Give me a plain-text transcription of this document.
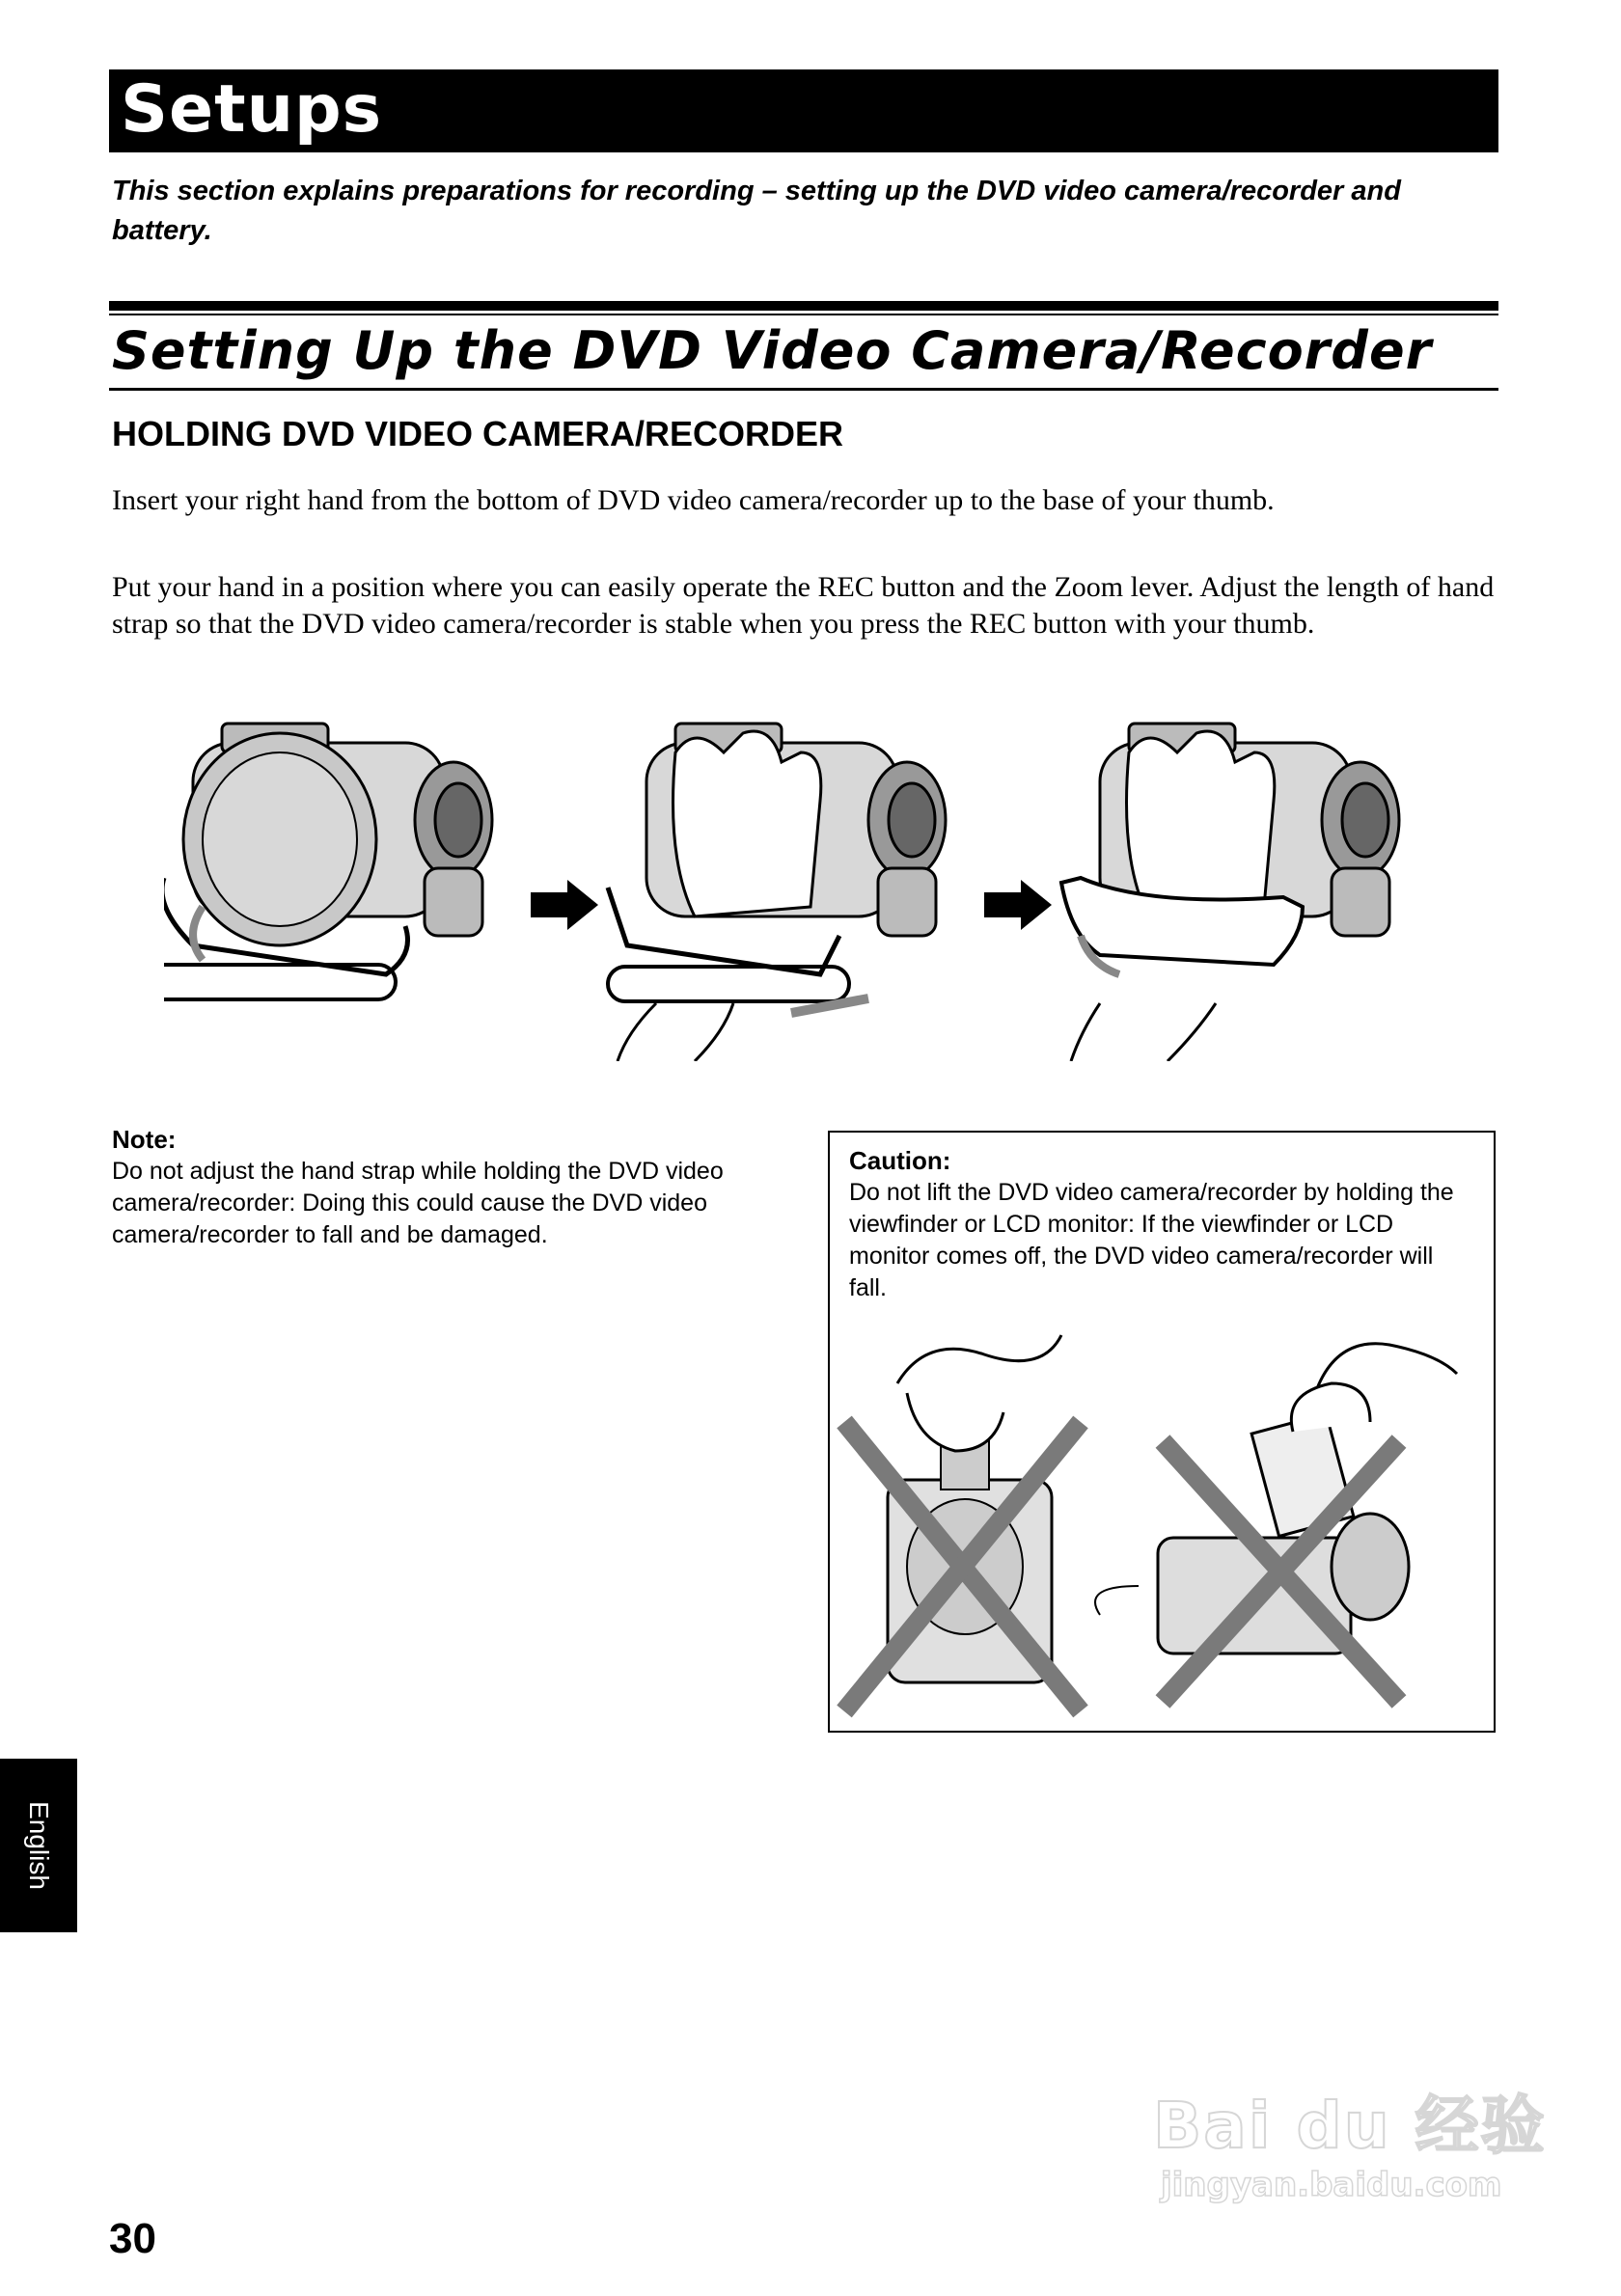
Setups
This section explains preparations for recording – setting up the DVD video camera/recorder and battery.
Setting Up the DVD Video Camera/Recorder
HOLDING DVD VIDEO CAMERA/RECORDER
Insert your right hand from the bottom of DVD video camera/recorder up to the base of your thumb.
Put your hand in a position where you can easily operate the REC button and the Zoom lever. Adjust the length of hand strap so that the DVD video camera/recorder is stable when you press the REC button with your thumb.
Note:
Do not adjust the hand strap while holding the DVD video camera/recorder: Doing this could cause the DVD video camera/recorder to fall and be damaged.
Caution:
Do not lift the DVD video camera/recorder by holding the viewfinder or LCD monitor: If the viewfinder or LCD monitor comes off, the DVD video camera/recorder will fall.
English
30
Bai du 经验
jingyan.baidu.com
